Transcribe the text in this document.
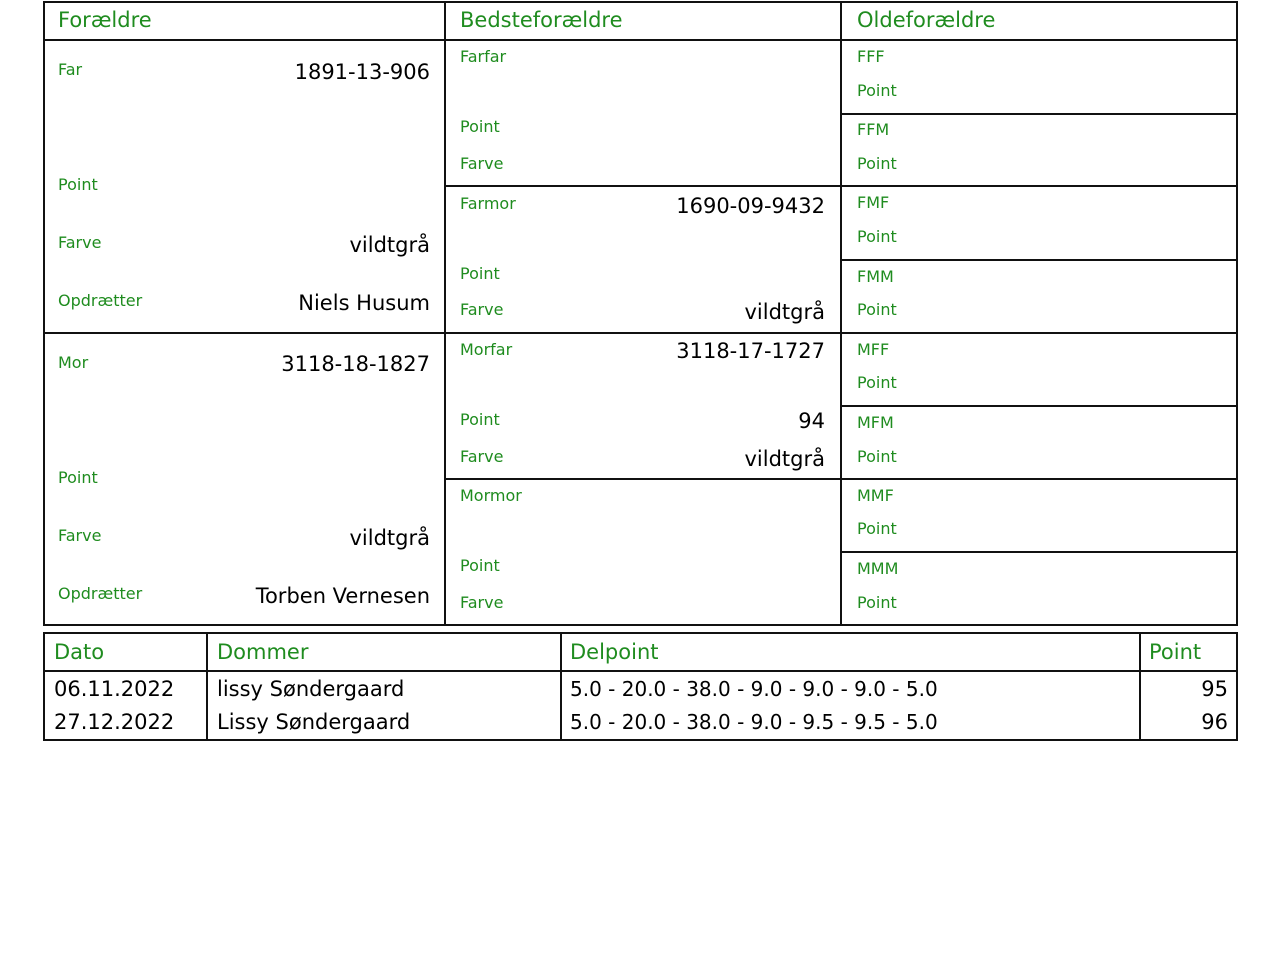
Forældre	Bedsteforældre	Oldeforældre
Far	1891-13-906
Point
Farve	vildtgrå
Opdrætter	Niels Husum
Mor	3118-18-1827
Point
Farve	vildtgrå
Opdrætter	Torben Vernesen
Farfar
Point
Farve
Farmor	1690-09-9432
Point
Farve	vildtgrå
Morfar	3118-17-1727
Point	94
Farve	vildtgrå
Mormor
Point
Farve
FFF
Point
FFM
Point
FMF
Point
FMM
Point
MFF
Point
MFM
Point
MMF
Point
MMM
Point
Dato	Dommer	Delpoint	Point
06.11.2022 lissy Søndergaard	5.0 - 20.0 - 38.0 - 9.0 - 9.0 - 9.0 - 5.0	95
27.12.2022 Lissy Søndergaard	5.0 - 20.0 - 38.0 - 9.0 - 9.5 - 9.5 - 5.0	96
